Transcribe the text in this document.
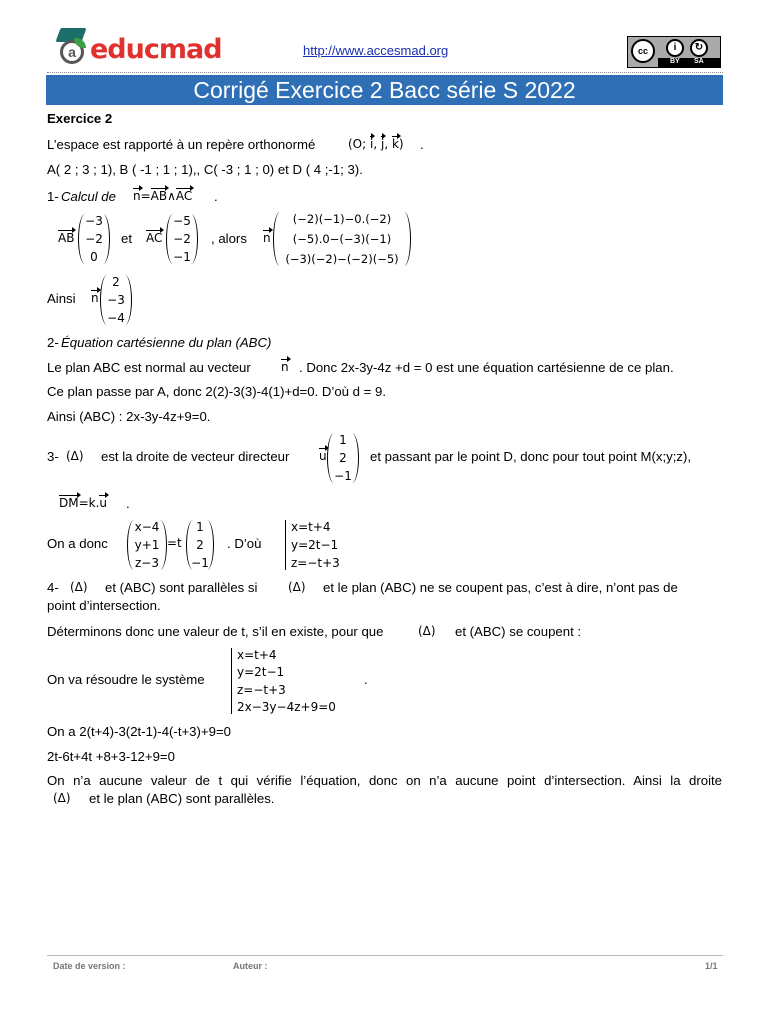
a educmad	http://www.accesmad.org	cc	i	↻
BY SA
Corrigé Exercice 2 Bacc série S 2022
Exercice 2
L’espace est rapporté à un repère orthonormé	(O; i, j, k) .
A( 2 ; 3 ; 1), B ( -1 ; 1 ; 1),, C( -3 ; 1 ; 0) et D ( 4 ;-1; 3).
1- Calcul de n=AB∧AC .
AB
−3
−2
0
et AC
−5
−2
−1
, alors n
(−2)(−1)−0.(−2)
(−5).0−(−3)(−1)
(−3)(−2)−(−2)(−5)
Ainsi n
2
−3
−4
2- Équation cartésienne du plan (ABC)
Le plan ABC est normal au vecteur	n . Donc 2x-3y-4z +d = 0 est une équation cartésienne de ce plan.
Ce plan passe par A, donc 2(2)-3(3)-4(1)+d=0. D’où d = 9.
Ainsi (ABC) : 2x-3y-4z+9=0.
3- (Δ) est la droite de vecteur directeur u
1
2
−1
et passant par le point D, donc pour tout point M(x;y;z),
DM=k.u .
On a donc
x−4
y+1
z−3
=t
1
2
−1
. D’où
x=t+4
y=2t−1
z=−t+3
4- (Δ) et (ABC) sont parallèles si	(Δ) et le plan (ABC) ne se coupent pas, c’est à dire, n’ont pas de
point d’intersection.
Déterminons donc une valeur de t, s’il en existe, pour que	(Δ) et (ABC) se coupent :
On va résoudre le système
x=t+4
y=2t−1
z=−t+3
2x−3y−4z+9=0
.
On a 2(t+4)-3(2t-1)-4(-t+3)+9=0
2t-6t+4t +8+3-12+9=0
On n’a aucune valeur de t qui vérifie l’équation, donc on n’a aucune point d’intersection. Ainsi la droite
(Δ) et le plan (ABC) sont parallèles.
Date de version :	Auteur :	1/1
